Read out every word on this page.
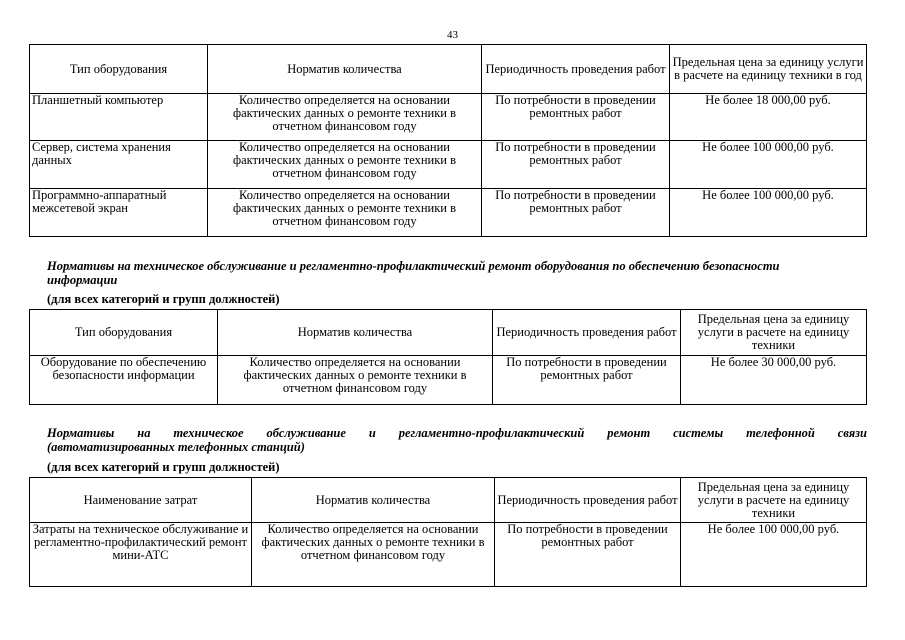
43
Тип оборудования	Норматив количества	Периодичность проведения работ	Предельная цена за единицу услуги в расчете на единицу техники в год
Планшетный компьютер	Количество определяется на основании фактических данных о ремонте техники в отчетном финансовом году	По потребности в проведении ремонтных работ	Не более 18 000,00 руб.
Сервер, система хранения данных	Количество определяется на основании фактических данных о ремонте техники в отчетном финансовом году	По потребности в проведении ремонтных работ	Не более 100 000,00 руб.
Программно-аппаратный межсетевой экран	Количество определяется на основании фактических данных о ремонте техники в отчетном финансовом году	По потребности в проведении ремонтных работ	Не более 100 000,00 руб.

Нормативы на техническое обслуживание и регламентно-профилактический ремонт оборудования по обеспечению безопасности
информации

(для всех категорий и групп должностей)

Тип оборудования	Норматив количества	Периодичность проведения работ	Предельная цена за единицу услуги в расчете на единицу техники
Оборудование по обеспечению безопасности информации	Количество определяется на основании фактических данных о ремонте техники в отчетном финансовом году	По потребности в проведении ремонтных работ	Не более 30 000,00 руб.

Нормативы на техническое обслуживание и регламентно-профилактический ремонт системы телефонной связи
(автоматизированных телефонных станций)

(для всех категорий и групп должностей)

Наименование затрат	Норматив количества	Периодичность проведения работ	Предельная цена за единицу услуги в расчете на единицу техники
Затраты на техническое обслуживание и регламентно-профилактический ремонт мини-АТС	Количество определяется на основании фактических данных о ремонте техники в отчетном финансовом году	По потребности в проведении ремонтных работ	Не более 100 000,00 руб.
